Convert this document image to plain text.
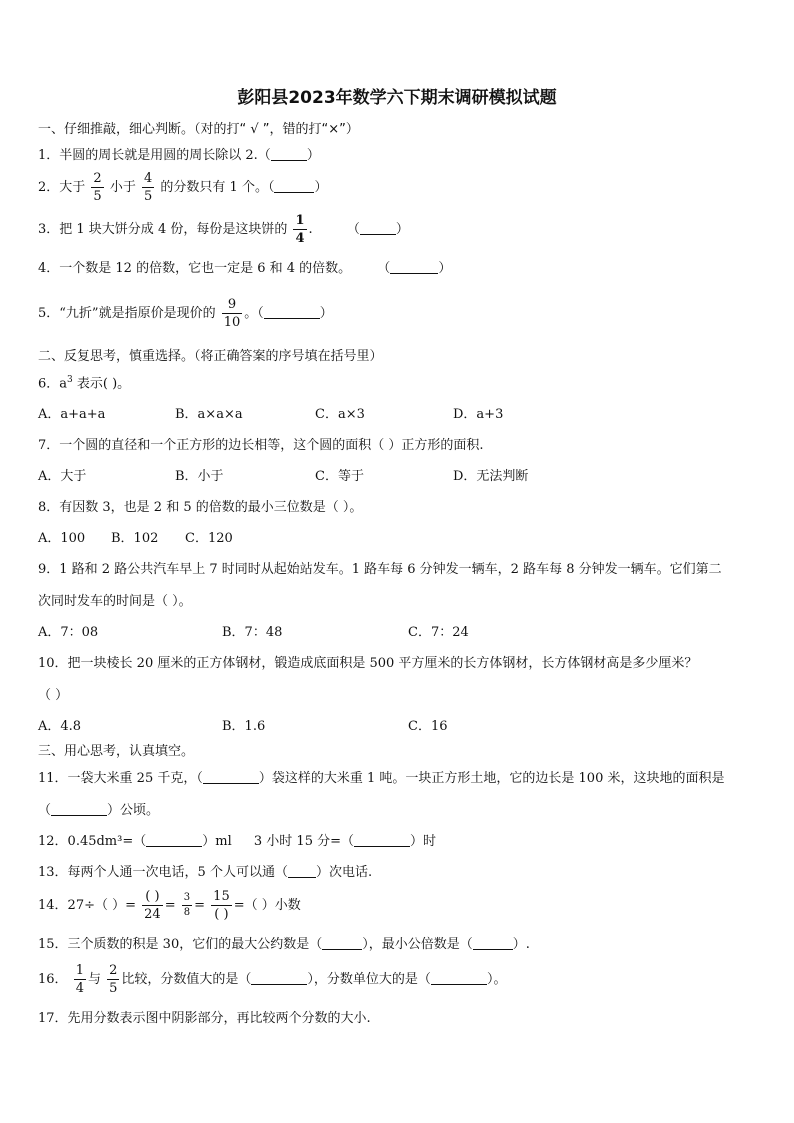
彭阳县2023年数学六下期末调研模拟试题
一、仔细推敲，细心判断。（对的打“ √ ”，错的打“×”）
1．半圆的周长就是用圆的周长除以 2.（	）
2．大于 $\frac{2}{5}$ 小于 $\frac{4}{5}$ 的分数只有 1 个。（	）
3．把 1 块大饼分成 4 份，每份是这块饼的 $\frac{1}{4}$ .	（	）
4．一个数是 12 的倍数，它也一定是 6 和 4 的倍数。 （	）
5．“九折”就是指原价是现价的 $\frac{9}{10}$ 。（	）
二、反复思考，慎重选择。（将正确答案的序号填在括号里）
6．$a^3$ 表示( )。
A．a+a+a	B．a×a×a	C．a×3	D．a+3
7．一个圆的直径和一个正方形的边长相等，这个圆的面积（ ）正方形的面积.
A．大于	B．小于	C．等于	D．无法判断
8．有因数 3，也是 2 和 5 的倍数的最小三位数是（ ）。
A．100 B．102 C．120
9．1 路和 2 路公共汽车早上 7 时同时从起始站发车。1 路车每 6 分钟发一辆车，2 路车每 8 分钟发一辆车。它们第二
次同时发车的时间是（ ）。
A．7：08	B．7：48	C．7：24
10．把一块棱长 20 厘米的正方体钢材，锻造成底面积是 500 平方厘米的长方体钢材，长方体钢材高是多少厘米？
（ ）
A．4.8	B．1.6	C．16
三、用心思考，认真填空。
11．一袋大米重 25 千克，（	）袋这样的大米重 1 吨。一块正方形土地，它的边长是 100 米，这块地的面积是
（	）公顷。
12．0.45dm³=（	）ml 3 小时 15 分=（	）时
13．每两个人通一次电话，5 个人可以通（ ）次电话.
14．27÷（ ）= $\frac{( )}{24} = \frac{3}{8} = \frac{15}{( )}$ =（ ）小数
15．三个质数的积是 30，它们的最大公约数是（	），最小公倍数是（	）.
16． $\frac{1}{4}$ 与 $\frac{2}{5}$ 比较，分数值大的是（	），分数单位大的是（	）。
17．先用分数表示图中阴影部分，再比较两个分数的大小.
